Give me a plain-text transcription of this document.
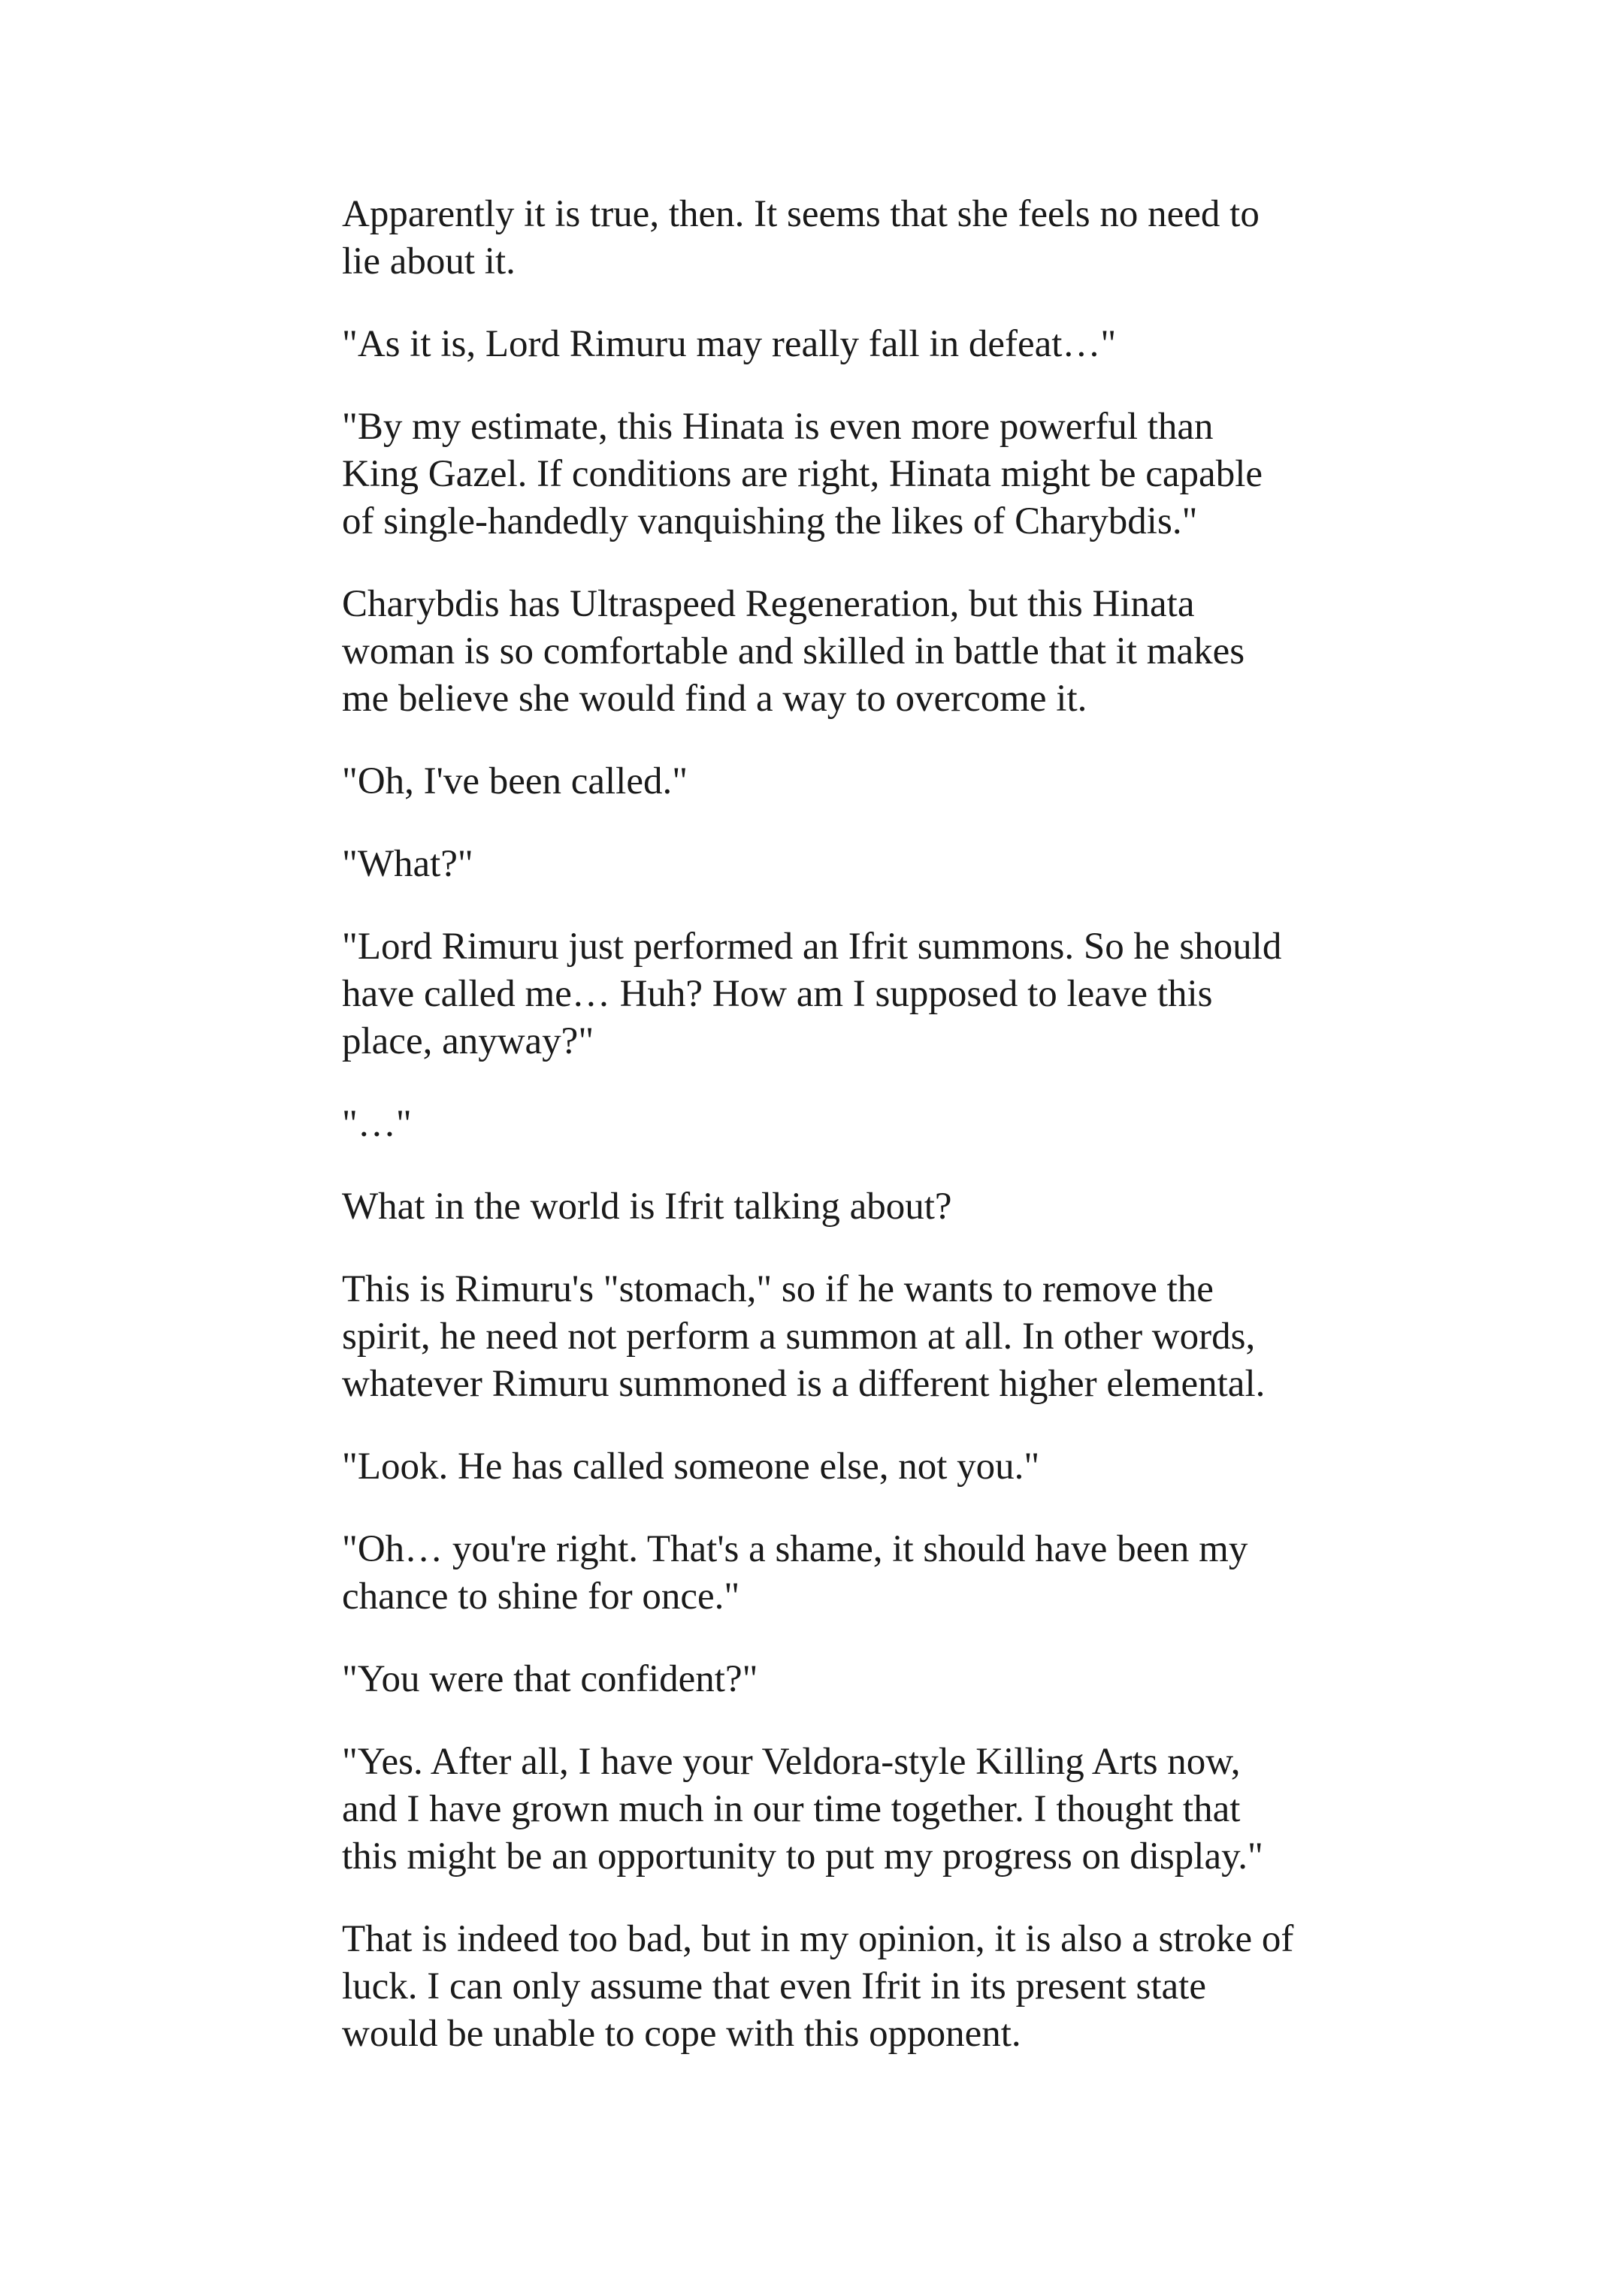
Apparently it is true, then. It seems that she feels no need to lie about it.

"As it is, Lord Rimuru may really fall in defeat…"

"By my estimate, this Hinata is even more powerful than King Gazel. If conditions are right, Hinata might be capable of single-handedly vanquishing the likes of Charybdis."

Charybdis has Ultraspeed Regeneration, but this Hinata woman is so comfortable and skilled in battle that it makes me believe she would find a way to overcome it.

"Oh, I've been called."

"What?"

"Lord Rimuru just performed an Ifrit summons. So he should have called me… Huh? How am I supposed to leave this place, anyway?"

"…"

What in the world is Ifrit talking about?

This is Rimuru's "stomach," so if he wants to remove the spirit, he need not perform a summon at all. In other words, whatever Rimuru summoned is a different higher elemental.

"Look. He has called someone else, not you."

"Oh… you're right. That's a shame, it should have been my chance to shine for once."

"You were that confident?"

"Yes. After all, I have your Veldora-style Killing Arts now, and I have grown much in our time together. I thought that this might be an opportunity to put my progress on display."

That is indeed too bad, but in my opinion, it is also a stroke of luck. I can only assume that even Ifrit in its present state would be unable to cope with this opponent.
